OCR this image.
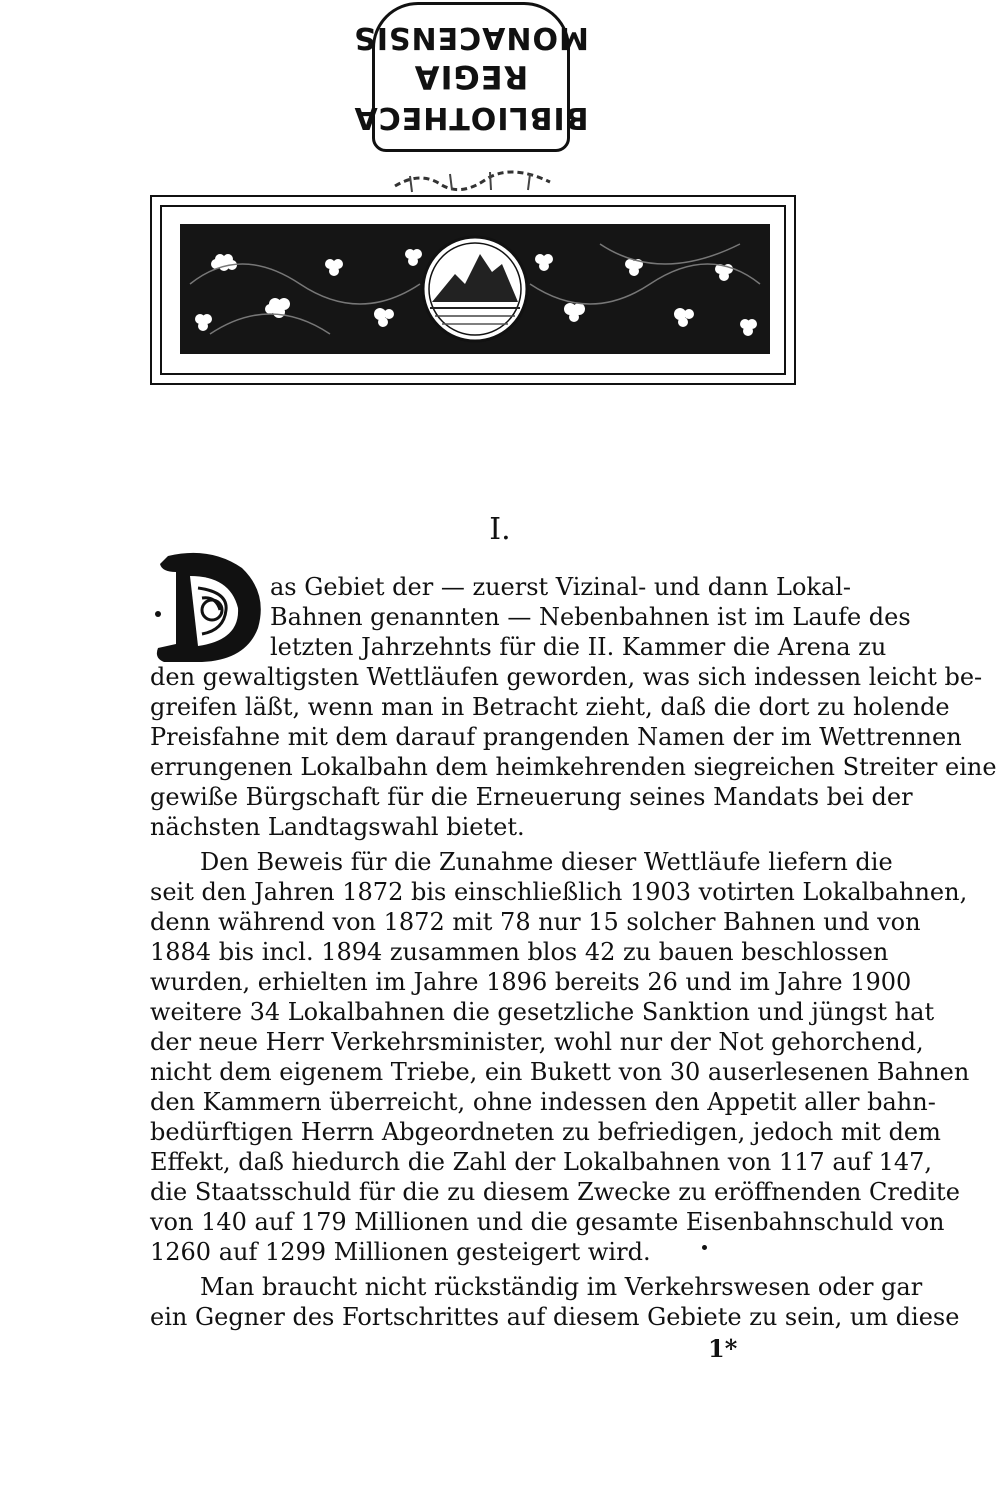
BIBLIOTHECA
REGIA
MONACENSIS
I.
as Gebiet der — zuerst Vizinal- und dann Lokal-
Bahnen genannten — Nebenbahnen ist im Laufe des
letzten Jahrzehnts für die II. Kammer die Arena zu
den gewaltigsten Wettläufen geworden, was sich indessen leicht be-
greifen läßt, wenn man in Betracht zieht, daß die dort zu holende
Preisfahne mit dem darauf prangenden Namen der im Wettrennen
errungenen Lokalbahn dem heimkehrenden siegreichen Streiter eine
gewiße Bürgschaft für die Erneuerung seines Mandats bei der
nächsten Landtagswahl bietet.
Den Beweis für die Zunahme dieser Wettläufe liefern die
seit den Jahren 1872 bis einschließlich 1903 votirten Lokalbahnen,
denn während von 1872 mit 78 nur 15 solcher Bahnen und von
1884 bis incl. 1894 zusammen blos 42 zu bauen beschlossen
wurden, erhielten im Jahre 1896 bereits 26 und im Jahre 1900
weitere 34 Lokalbahnen die gesetzliche Sanktion und jüngst hat
der neue Herr Verkehrsminister, wohl nur der Not gehorchend,
nicht dem eigenem Triebe, ein Bukett von 30 auserlesenen Bahnen
den Kammern überreicht, ohne indessen den Appetit aller bahn-
bedürftigen Herrn Abgeordneten zu befriedigen, jedoch mit dem
Effekt, daß hiedurch die Zahl der Lokalbahnen von 117 auf 147,
die Staatsschuld für die zu diesem Zwecke zu eröffnenden Credite
von 140 auf 179 Millionen und die gesamte Eisenbahnschuld von
1260 auf 1299 Millionen gesteigert wird.
Man braucht nicht rückständig im Verkehrswesen oder gar
ein Gegner des Fortschrittes auf diesem Gebiete zu sein, um diese
1*
